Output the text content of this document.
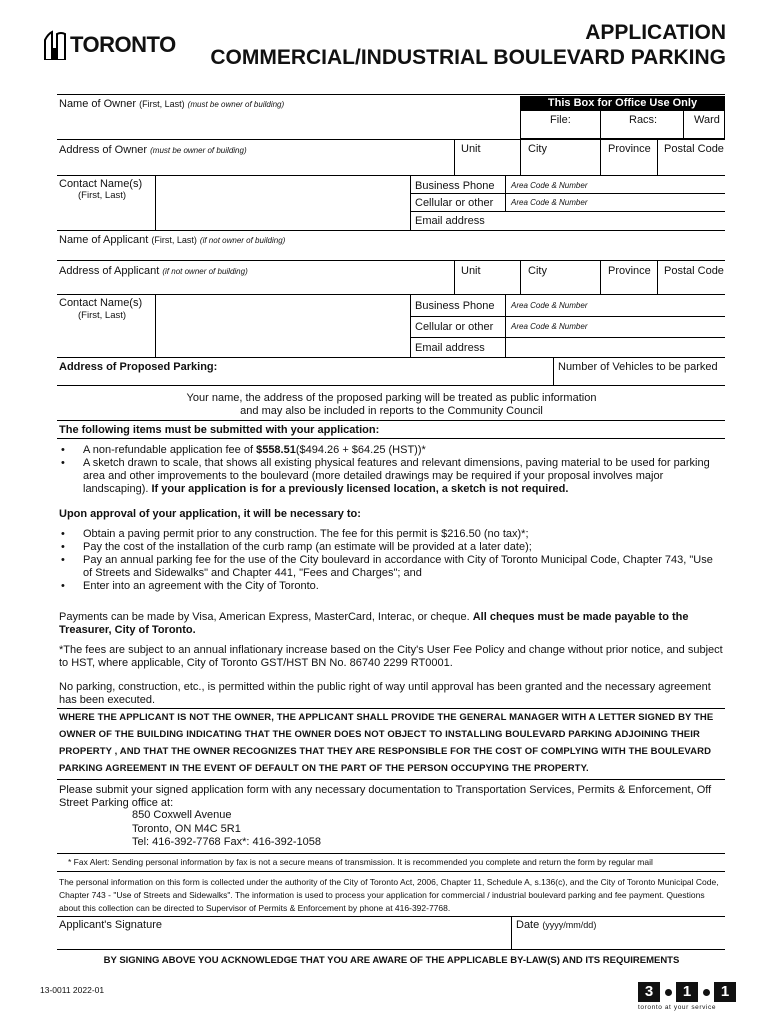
TORONTO	APPLICATION
COMMERCIAL/INDUSTRIAL BOULEVARD PARKING
Name of Owner (First, Last) (must be owner of building)	This Box for Office Use Only
File:	Racs:	Ward
Address of Owner (must be owner of building)	Unit	City	Province Postal Code
Contact Name(s)
(First, Last)
Business Phone Area Code & Number
Cellular or other Area Code & Number
Email address
Name of Applicant (First, Last) (if not owner of building)
Address of Applicant (if not owner of building)	Unit	City	Province Postal Code
Contact Name(s)
(First, Last)
Business Phone Area Code & Number
Cellular or other Area Code & Number
Email address
Address of Proposed Parking:	Number of Vehicles to be parked
Your name, the address of the proposed parking will be treated as public information
and may also be included in reports to the Community Council
The following items must be submitted with your application:
• A non-refundable application fee of $558.51($494.26 + $64.25 (HST))*
• A sketch drawn to scale, that shows all existing physical features and relevant dimensions, paving material to be used for parking area and other improvements to the boulevard (more detailed drawings may be required if your proposal involves major landscaping). If your application is for a previously licensed location, a sketch is not required.
Upon approval of your application, it will be necessary to:
• Obtain a paving permit prior to any construction. The fee for this permit is $216.50 (no tax)*;
• Pay the cost of the installation of the curb ramp (an estimate will be provided at a later date);
• Pay an annual parking fee for the use of the City boulevard in accordance with City of Toronto Municipal Code, Chapter 743, "Use of Streets and Sidewalks" and Chapter 441, "Fees and Charges"; and
• Enter into an agreement with the City of Toronto.
Payments can be made by Visa, American Express, MasterCard, Interac, or cheque. All cheques must be made payable to the Treasurer, City of Toronto.
*The fees are subject to an annual inflationary increase based on the City's User Fee Policy and change without prior notice, and subject to HST, where applicable, City of Toronto GST/HST BN No. 86740 2299 RT0001.
No parking, construction, etc., is permitted within the public right of way until approval has been granted and the necessary agreement has been executed.
WHERE THE APPLICANT IS NOT THE OWNER, THE APPLICANT SHALL PROVIDE THE GENERAL MANAGER WITH A LETTER SIGNED BY THE OWNER OF THE BUILDING INDICATING THAT THE OWNER DOES NOT OBJECT TO INSTALLING BOULEVARD PARKING ADJOINING THEIR PROPERTY , AND THAT THE OWNER RECOGNIZES THAT THEY ARE RESPONSIBLE FOR THE COST OF COMPLYING WITH THE BOULEVARD PARKING AGREEMENT IN THE EVENT OF DEFAULT ON THE PART OF THE PERSON OCCUPYING THE PROPERTY.
Please submit your signed application form with any necessary documentation to Transportation Services, Permits & Enforcement, Off Street Parking office at:
850 Coxwell Avenue
Toronto, ON M4C 5R1
Tel: 416-392-7768 Fax*: 416-392-1058
* Fax Alert: Sending personal information by fax is not a secure means of transmission. It is recommended you complete and return the form by regular mail
The personal information on this form is collected under the authority of the City of Toronto Act, 2006, Chapter 11, Schedule A, s.136(c), and the City of Toronto Municipal Code, Chapter 743 - "Use of Streets and Sidewalks". The information is used to process your application for commercial / industrial boulevard parking and fee payment. Questions about this collection can be directed to Supervisor of Permits & Enforcement by phone at 416-392-7768.
Applicant's Signature	Date (yyyy/mm/dd)
BY SIGNING ABOVE YOU ACKNOWLEDGE THAT YOU ARE AWARE OF THE APPLICABLE BY-LAW(S) AND ITS REQUIREMENTS
13-0011 2022-01	3	1	1
toronto at your service
